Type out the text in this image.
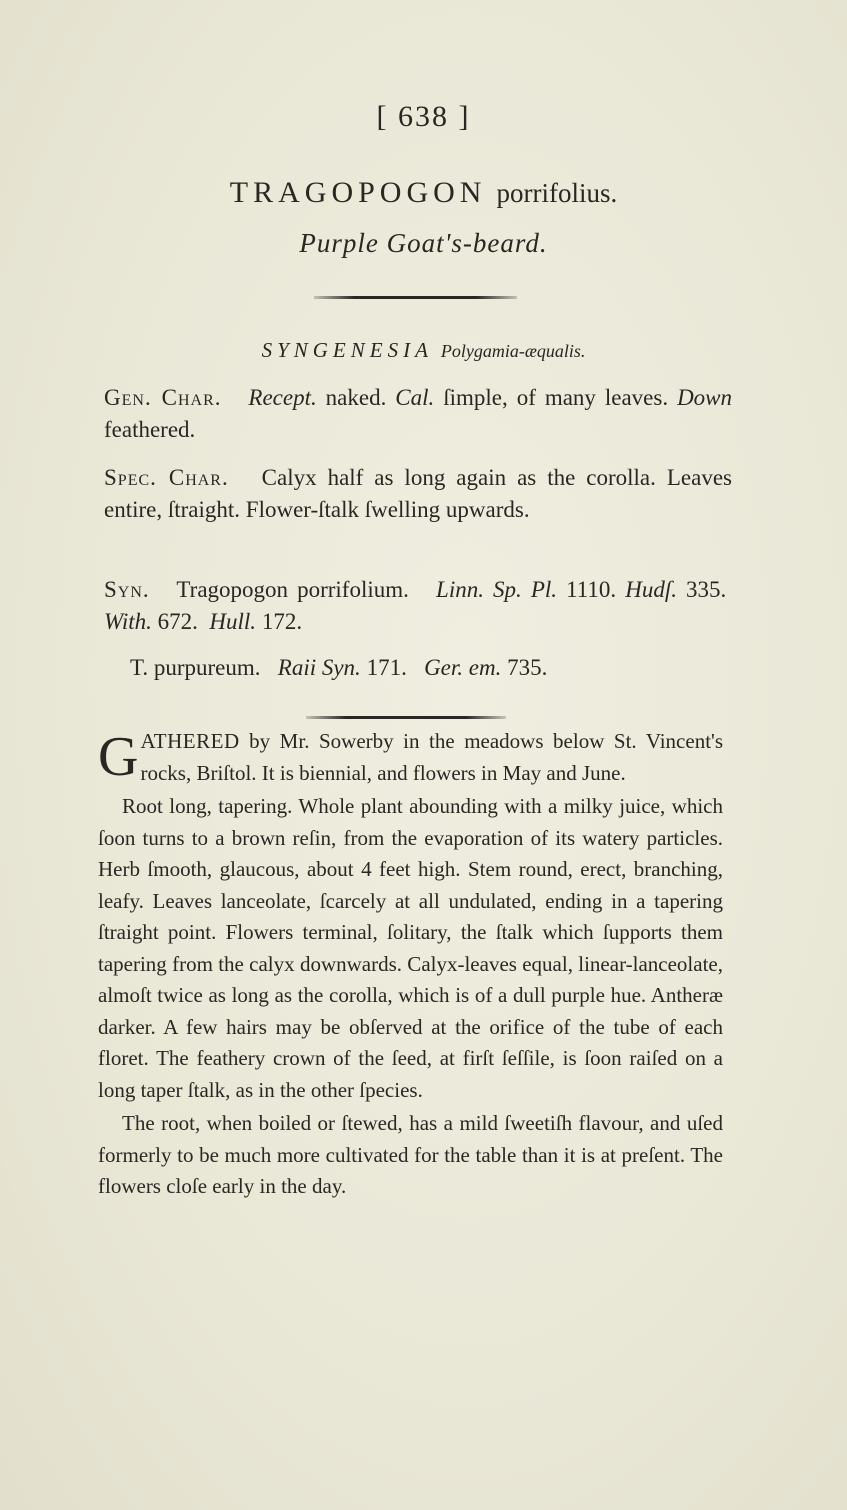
[ 638 ]
TRAGOPOGON porrifolius.
Purple Goat's-beard.
SYNGENESIA Polygamia-æqualis.
Gen. Char. Recept. naked. Cal. ſimple, of many leaves. Down feathered.
Spec. Char. Calyx half as long again as the corolla. Leaves entire, ſtraight. Flower-ſtalk ſwelling upwards.
Syn. Tragopogon porrifolium. Linn. Sp. Pl. 1110. Hudſ. 335.  With. 672. Hull. 172.
T. purpureum. Raii Syn. 171. Ger. em. 735.

GATHERED by Mr. Sowerby in the meadows below St. Vincent's rocks, Briſtol. It is biennial, and flowers in May and June.

Root long, tapering. Whole plant abounding with a milky juice, which ſoon turns to a brown reſin, from the evaporation of its watery particles. Herb ſmooth, glaucous, about 4 feet high. Stem round, erect, branching, leafy. Leaves lanceolate, ſcarcely at all undulated, ending in a tapering ſtraight point. Flowers terminal, ſolitary, the ſtalk which ſupports them tapering from the calyx downwards. Calyx-leaves equal, linear-lanceolate, almoſt twice as long as the corolla, which is of a dull purple hue. Antheræ darker. A few hairs may be obſerved at the orifice of the tube of each floret. The feathery crown of the ſeed, at firſt ſeſſile, is ſoon raiſed on a long taper ſtalk, as in the other ſpecies.

The root, when boiled or ſtewed, has a mild ſweetiſh flavour, and uſed formerly to be much more cultivated for the table than it is at preſent. The flowers cloſe early in the day.
